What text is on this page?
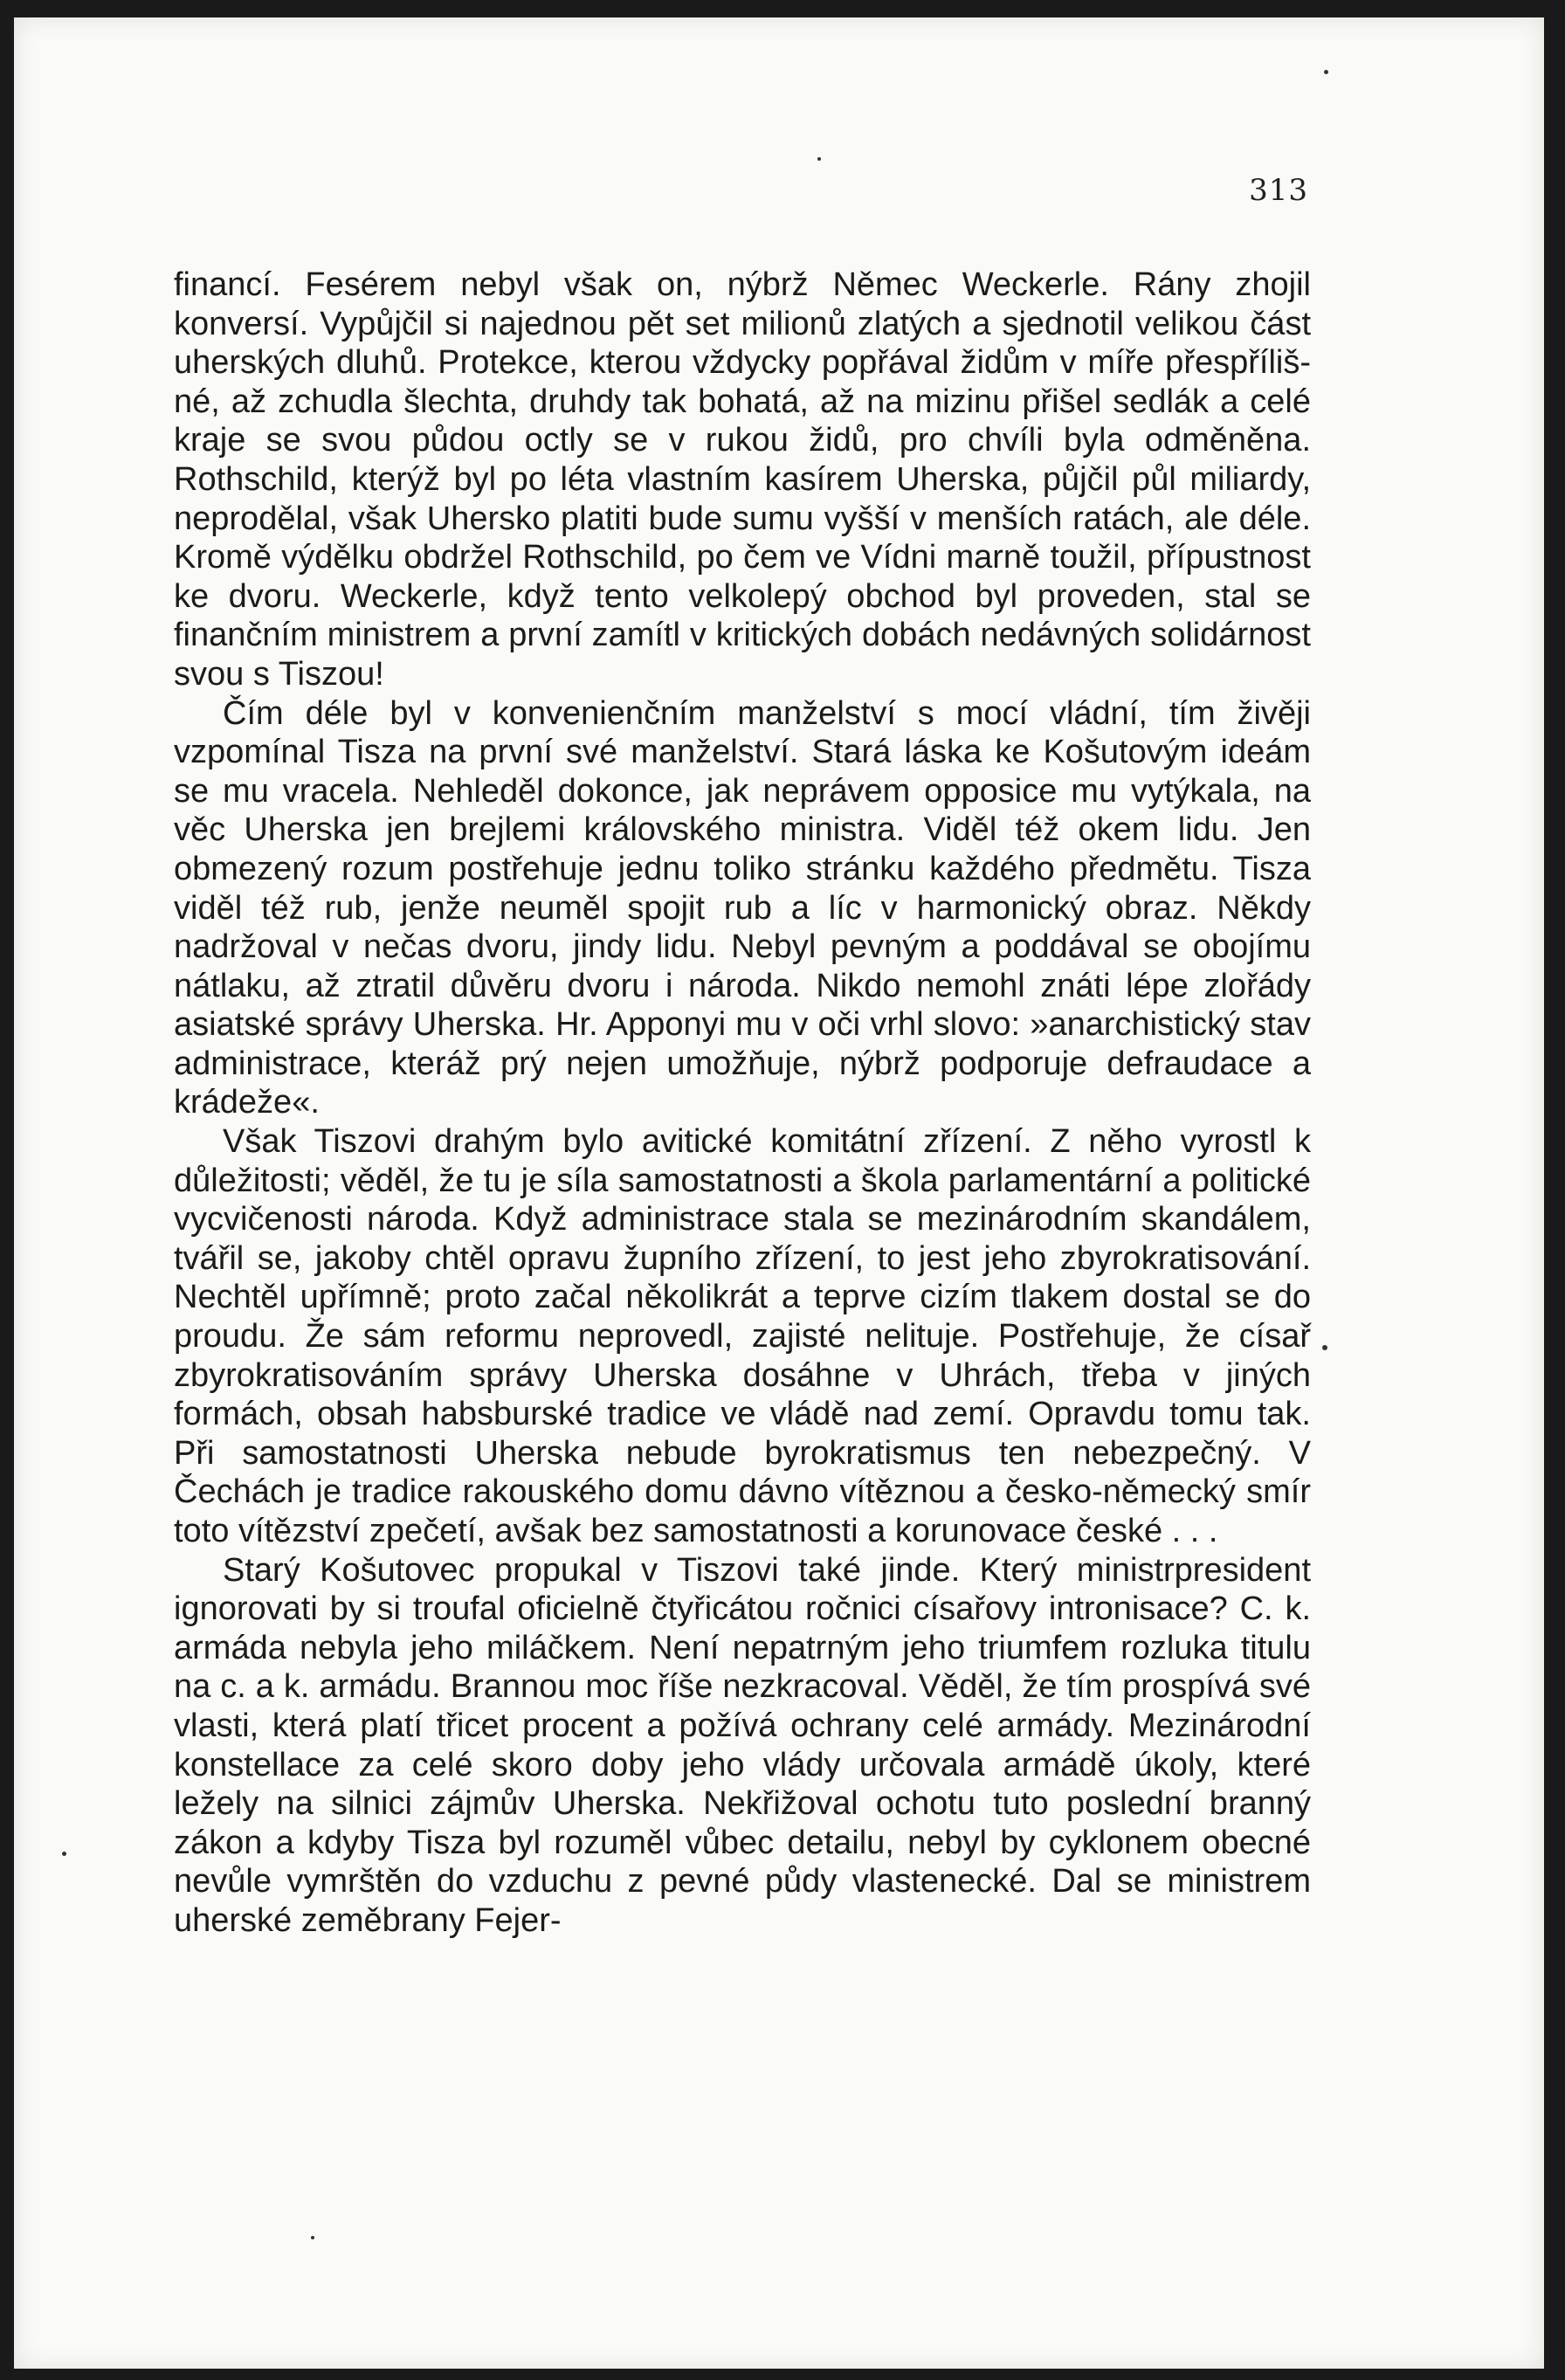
313

financí. Fesérem nebyl však on, nýbrž Němec Weckerle. Rány zhojil konversí. Vypůjčil si najednou pět set milionů zlatých a sjednotil velikou část uherských dluhů. Protekce, kterou vždycky popřával židům v míře přespřílišné, až zchudla šlechta, druhdy tak bohatá, až na mizinu přišel sedlák a celé kraje se svou půdou octly se v rukou židů, pro chvíli byla odměněna. Rothschild, kterýž byl po léta vlastním kasírem Uherska, půjčil půl miliardy, neprodělal, však Uhersko platiti bude sumu vyšší v menších ratách, ale déle. Kromě výdělku obdržel Rothschild, po čem ve Vídni marně toužil, přípustnost ke dvoru. Weckerle, když tento velkolepý obchod byl proveden, stal se finančním ministrem a první zamítl v kritických dobách nedávných solidárnost svou s Tiszou!

Čím déle byl v konvenienčním manželství s mocí vládní, tím živěji vzpomínal Tisza na první své manželství. Stará láska ke Košutovým ideám se mu vracela. Nehleděl dokonce, jak neprávem opposice mu vytýkala, na věc Uherska jen brejlemi královského ministra. Viděl též okem lidu. Jen obmezený rozum postřehuje jednu toliko stránku každého předmětu. Tisza viděl též rub, jenže neuměl spojit rub a líc v harmonický obraz. Někdy nadržoval v nečas dvoru, jindy lidu. Nebyl pevným a poddával se obojímu nátlaku, až ztratil důvěru dvoru i národa. Nikdo nemohl znáti lépe zlořády asiatské správy Uherska. Hr. Apponyi mu v oči vrhl slovo: »anarchistický stav administrace, kteráž prý nejen umožňuje, nýbrž podporuje defraudace a krádeže«.

Však Tiszovi drahým bylo avitické komitátní zřízení. Z něho vyrostl k důležitosti; věděl, že tu je síla samostatnosti a škola parlamentární a politické vycvičenosti národa. Když administrace stala se mezinárodním skandálem, tvářil se, jakoby chtěl opravu župního zřízení, to jest jeho zbyrokratisování. Nechtěl upřímně; proto začal několikrát a teprve cizím tlakem dostal se do proudu. Že sám reformu neprovedl, zajisté nelituje. Postřehuje, že císař zbyrokratisováním správy Uherska dosáhne v Uhrách, třeba v jiných formách, obsah habsburské tradice ve vládě nad zemí. Opravdu tomu tak. Při samostatnosti Uherska nebude byrokratismus ten nebezpečný. V Čechách je tradice rakouského domu dávno vítěznou a česko-německý smír toto vítězství zpečetí, avšak bez samostatnosti a korunovace české . . .

Starý Košutovec propukal v Tiszovi také jinde. Který ministrpresident ignorovati by si troufal oficielně čtyřicátou ročnici císařovy intronisace? C. k. armáda nebyla jeho miláčkem. Není nepatrným jeho triumfem rozluka titulu na c. a k. armádu. Brannou moc říše nezkracoval. Věděl, že tím prospívá své vlasti, která platí třicet procent a požívá ochrany celé armády. Mezinárodní konstellace za celé skoro doby jeho vlády určovala armádě úkoly, které ležely na silnici zájmův Uherska. Nekřižoval ochotu tuto poslední branný zákon a kdyby Tisza byl rozuměl vůbec detailu, nebyl by cyklonem obecné nevůle vymrštěn do vzduchu z pevné půdy vlastenecké. Dal se ministrem uherské zeměbrany Fejer-
